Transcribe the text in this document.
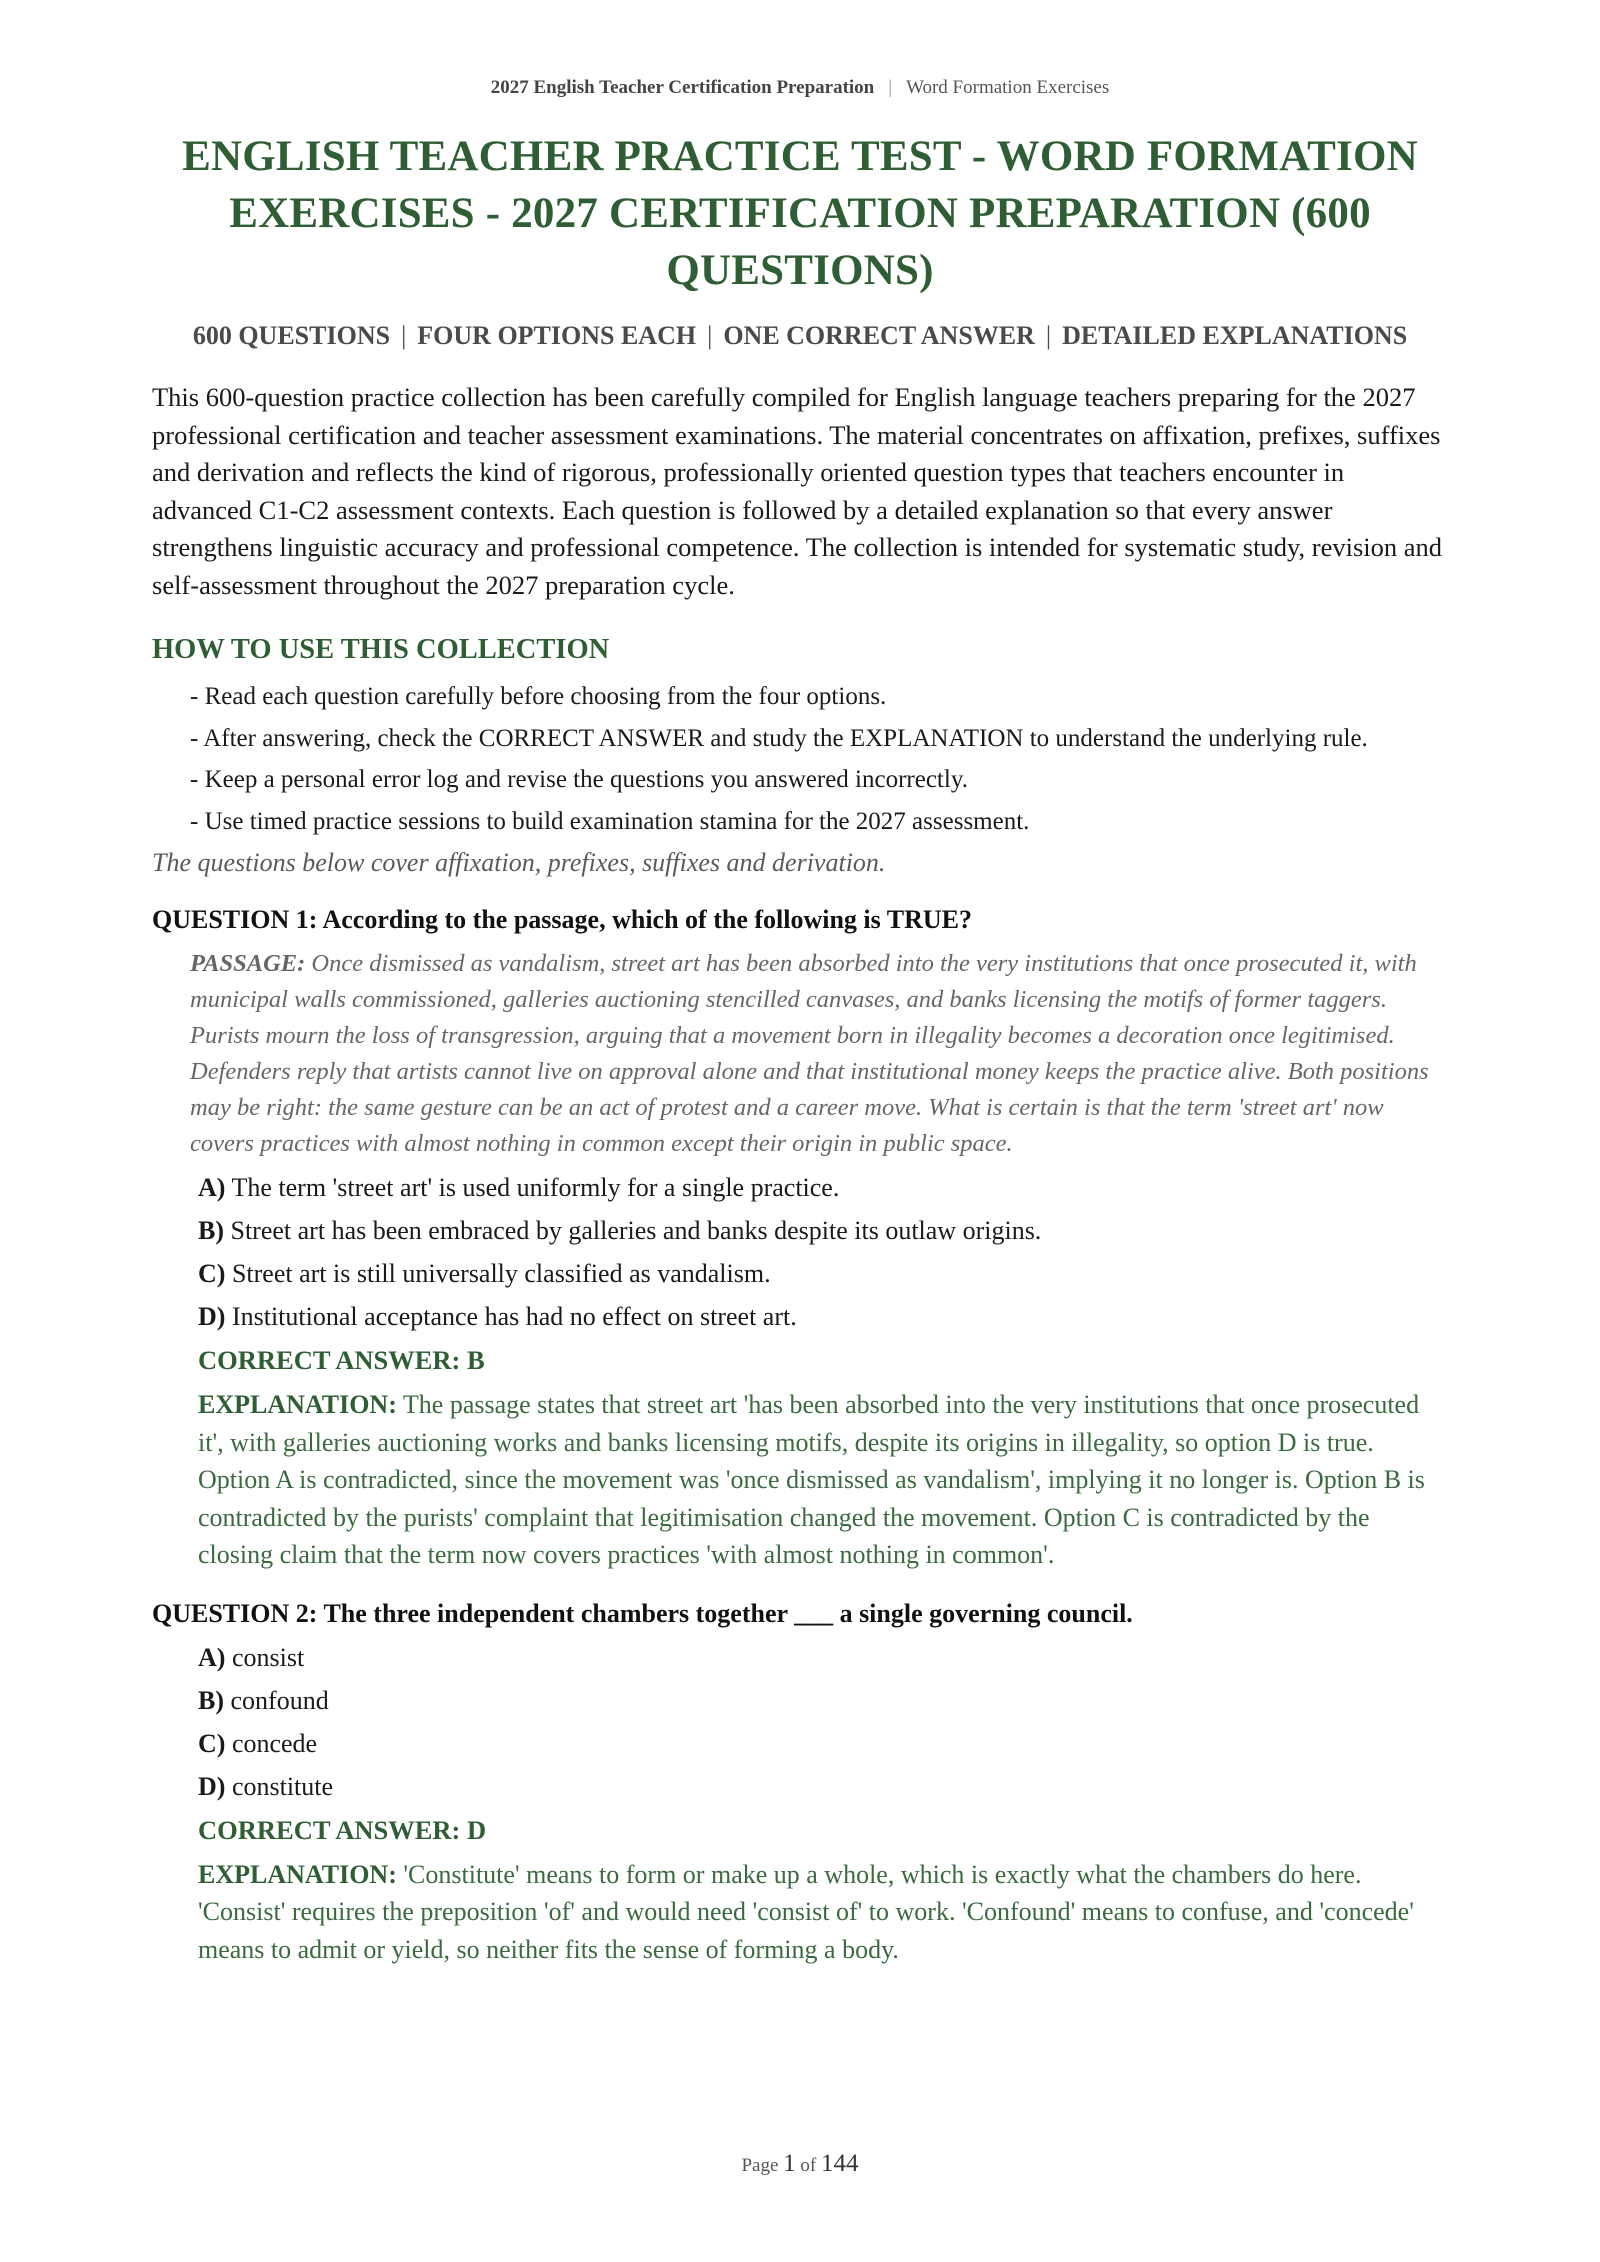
2027 English Teacher Certification Preparation | Word Formation Exercises
ENGLISH TEACHER PRACTICE TEST - WORD FORMATION EXERCISES - 2027 CERTIFICATION PREPARATION (600 QUESTIONS)
600 QUESTIONS | FOUR OPTIONS EACH | ONE CORRECT ANSWER | DETAILED EXPLANATIONS

This 600-question practice collection has been carefully compiled for English language teachers preparing for the 2027 professional certification and teacher assessment examinations. The material concentrates on affixation, prefixes, suffixes and derivation and reflects the kind of rigorous, professionally oriented question types that teachers encounter in advanced C1-C2 assessment contexts. Each question is followed by a detailed explanation so that every answer strengthens linguistic accuracy and professional competence. The collection is intended for systematic study, revision and self-assessment throughout the 2027 preparation cycle.

HOW TO USE THIS COLLECTION
- Read each question carefully before choosing from the four options.
- After answering, check the CORRECT ANSWER and study the EXPLANATION to understand the underlying rule.
- Keep a personal error log and revise the questions you answered incorrectly.
- Use timed practice sessions to build examination stamina for the 2027 assessment.
The questions below cover affixation, prefixes, suffixes and derivation.
QUESTION 1: According to the passage, which of the following is TRUE?
PASSAGE: Once dismissed as vandalism, street art has been absorbed into the very institutions that once prosecuted it, with municipal walls commissioned, galleries auctioning stencilled canvases, and banks licensing the motifs of former taggers. Purists mourn the loss of transgression, arguing that a movement born in illegality becomes a decoration once legitimised. Defenders reply that artists cannot live on approval alone and that institutional money keeps the practice alive. Both positions may be right: the same gesture can be an act of protest and a career move. What is certain is that the term 'street art' now covers practices with almost nothing in common except their origin in public space.
A) The term 'street art' is used uniformly for a single practice.
B) Street art has been embraced by galleries and banks despite its outlaw origins.
C) Street art is still universally classified as vandalism.
D) Institutional acceptance has had no effect on street art.
CORRECT ANSWER: B
EXPLANATION: The passage states that street art 'has been absorbed into the very institutions that once prosecuted it', with galleries auctioning works and banks licensing motifs, despite its origins in illegality, so option D is true. Option A is contradicted, since the movement was 'once dismissed as vandalism', implying it no longer is. Option B is contradicted by the purists' complaint that legitimisation changed the movement. Option C is contradicted by the closing claim that the term now covers practices 'with almost nothing in common'.
QUESTION 2: The three independent chambers together ___ a single governing council.
A) consist
B) confound
C) concede
D) constitute
CORRECT ANSWER: D
EXPLANATION: 'Constitute' means to form or make up a whole, which is exactly what the chambers do here. 'Consist' requires the preposition 'of' and would need 'consist of' to work. 'Confound' means to confuse, and 'concede' means to admit or yield, so neither fits the sense of forming a body.
Page 1 of 144
